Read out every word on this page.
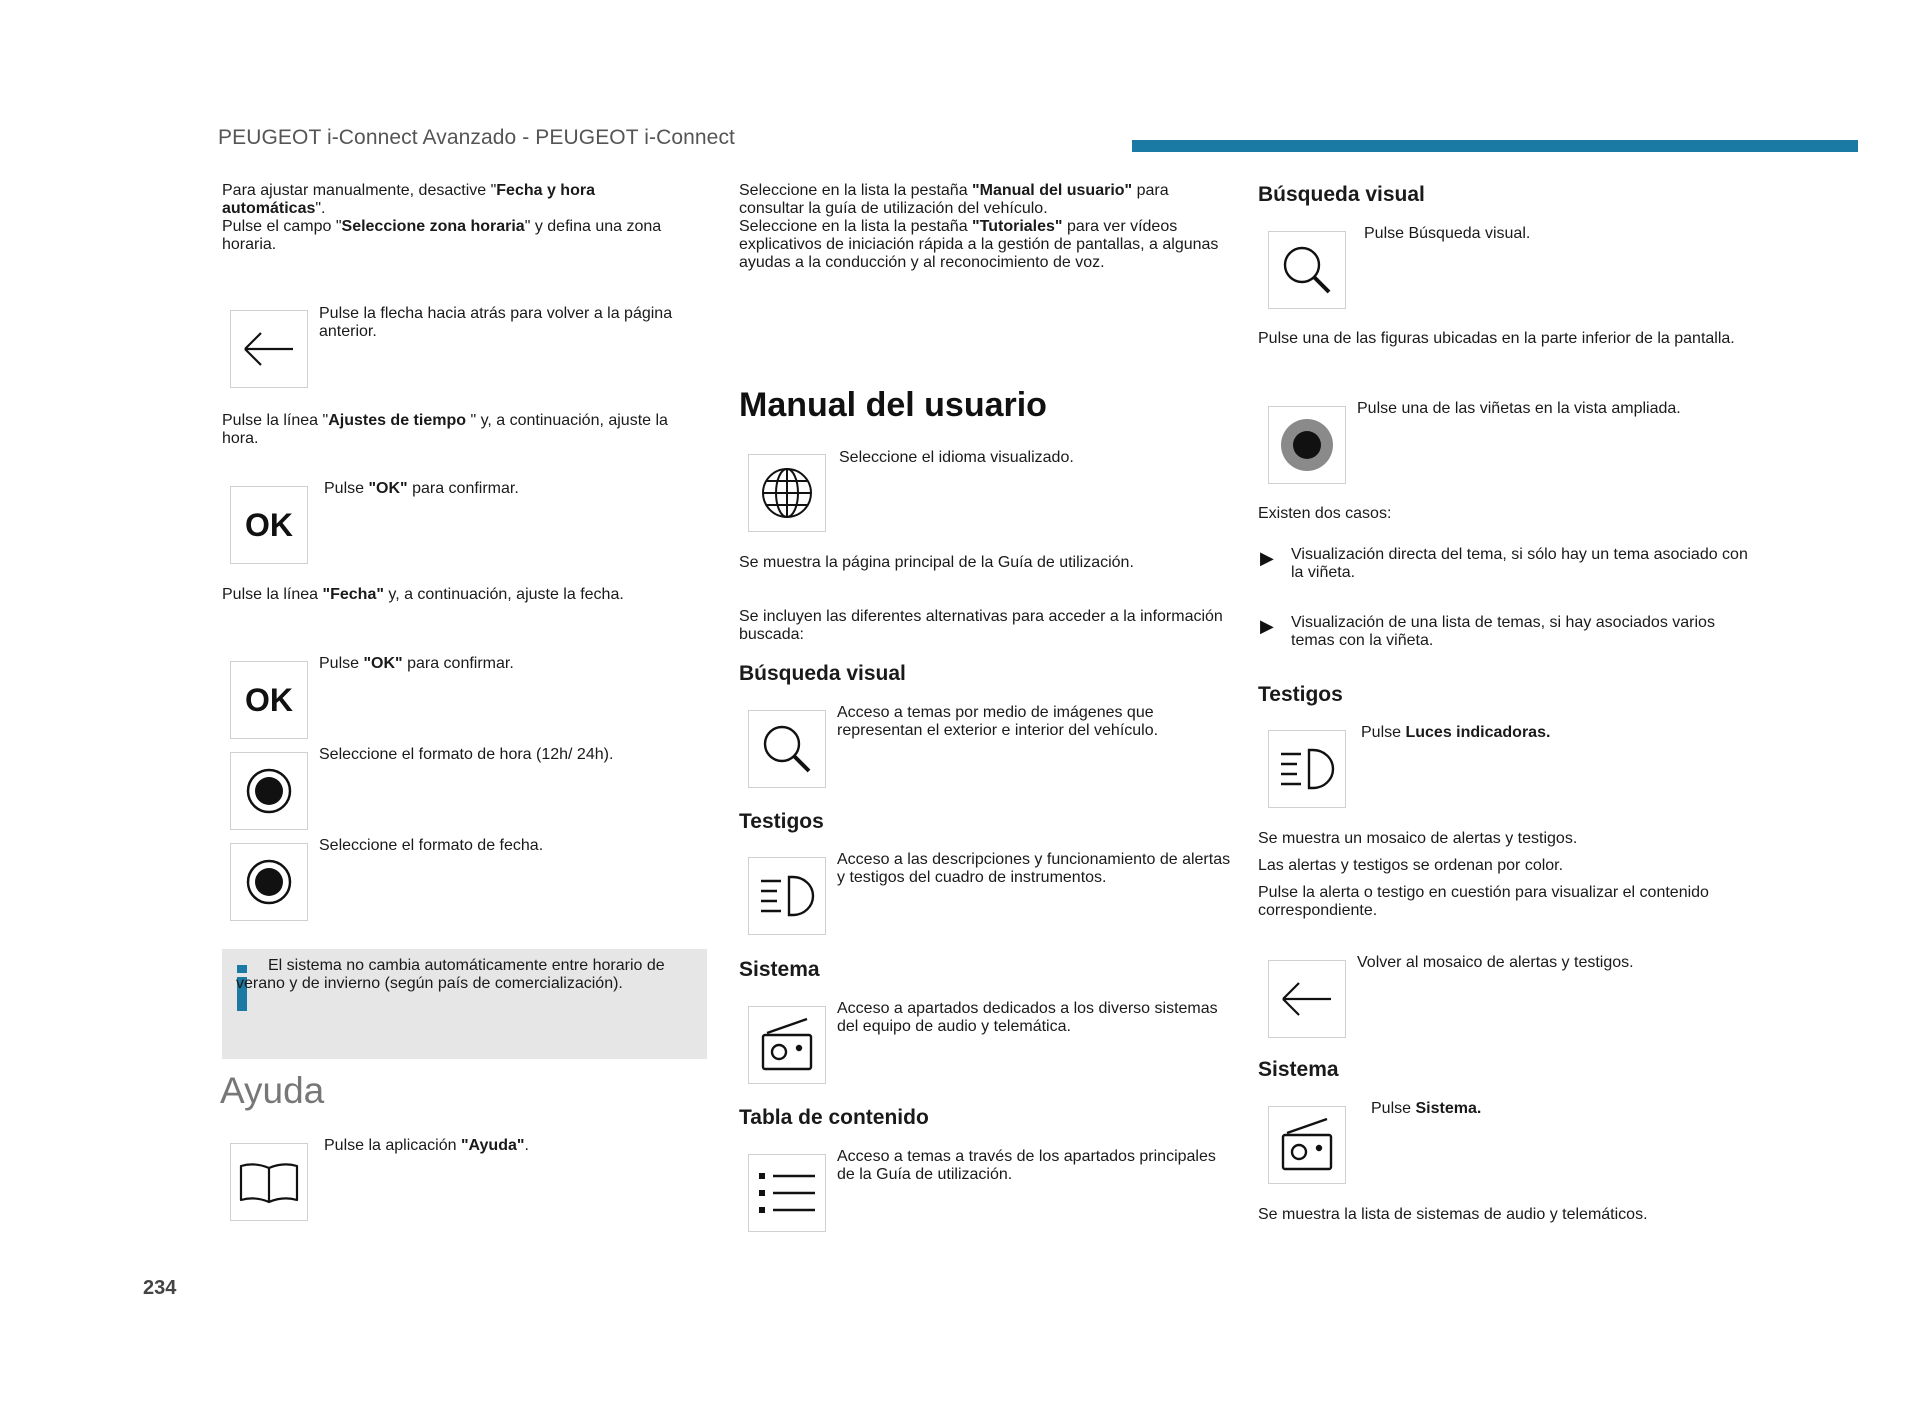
PEUGEOT i-Connect Avanzado - PEUGEOT i-Connect

Para ajustar manualmente, desactive "Fecha y hora automáticas".
Pulse el campo "Seleccione zona horaria" y defina una zona horaria.

Pulse la flecha hacia atrás para volver a la página anterior.

Pulse la línea "Ajustes de tiempo " y, a continuación, ajuste la hora.

OK

Pulse "OK" para confirmar.

Pulse la línea "Fecha" y, a continuación, ajuste la fecha.

OK

Pulse "OK" para confirmar.

Seleccione el formato de hora (12h/ 24h).

Seleccione el formato de fecha.

El sistema no cambia automáticamente entre horario de verano y de invierno (según país de comercialización).

Ayuda

Pulse la aplicación "Ayuda".

234

Seleccione en la lista la pestaña "Manual del usuario" para consultar la guía de utilización del vehículo.
Seleccione en la lista la pestaña "Tutoriales" para ver vídeos explicativos de iniciación rápida a la gestión de pantallas, a algunas ayudas a la conducción y al reconocimiento de voz.

Manual del usuario

Seleccione el idioma visualizado.

Se muestra la página principal de la Guía de utilización.

Se incluyen las diferentes alternativas para acceder a la información buscada:

Búsqueda visual

Acceso a temas por medio de imágenes que representan el exterior e interior del vehículo.

Testigos

Acceso a las descripciones y funcionamiento de alertas y testigos del cuadro de instrumentos.

Sistema

Acceso a apartados dedicados a los diverso sistemas del equipo de audio y telemática.

Tabla de contenido

Acceso a temas a través de los apartados principales de la Guía de utilización.

Búsqueda visual

Pulse Búsqueda visual.

Pulse una de las figuras ubicadas en la parte inferior de la pantalla.

Pulse una de las viñetas en la vista ampliada.

Existen dos casos:

▶ Visualización directa del tema, si sólo hay un tema asociado con la viñeta.

▶ Visualización de una lista de temas, si hay asociados varios temas con la viñeta.

Testigos

Pulse Luces indicadoras.

Se muestra un mosaico de alertas y testigos.

Las alertas y testigos se ordenan por color.

Pulse la alerta o testigo en cuestión para visualizar el contenido correspondiente.

Volver al mosaico de alertas y testigos.

Sistema

Pulse Sistema.

Se muestra la lista de sistemas de audio y telemáticos.
